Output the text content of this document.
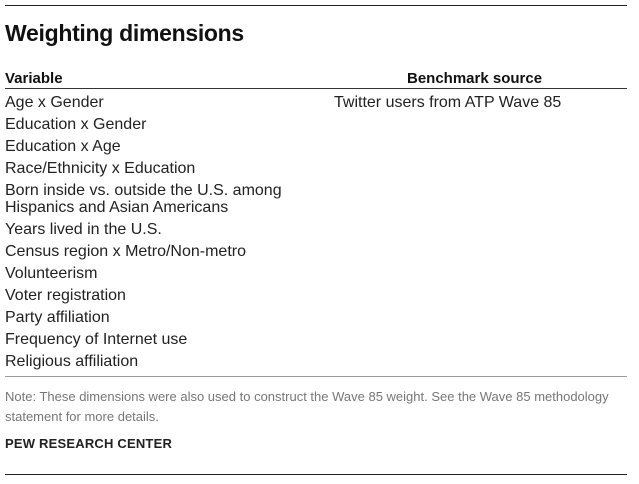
Weighting dimensions
Variable	Benchmark source
Age x Gender	Twitter users from ATP Wave 85
Education x Gender
Education x Age
Race/Ethnicity x Education
Born inside vs. outside the U.S. among Hispanics and Asian Americans
Years lived in the U.S.
Census region x Metro/Non-metro
Volunteerism
Voter registration
Party affiliation
Frequency of Internet use
Religious affiliation
Note: These dimensions were also used to construct the Wave 85 weight. See the Wave 85 methodology statement for more details.
PEW RESEARCH CENTER
